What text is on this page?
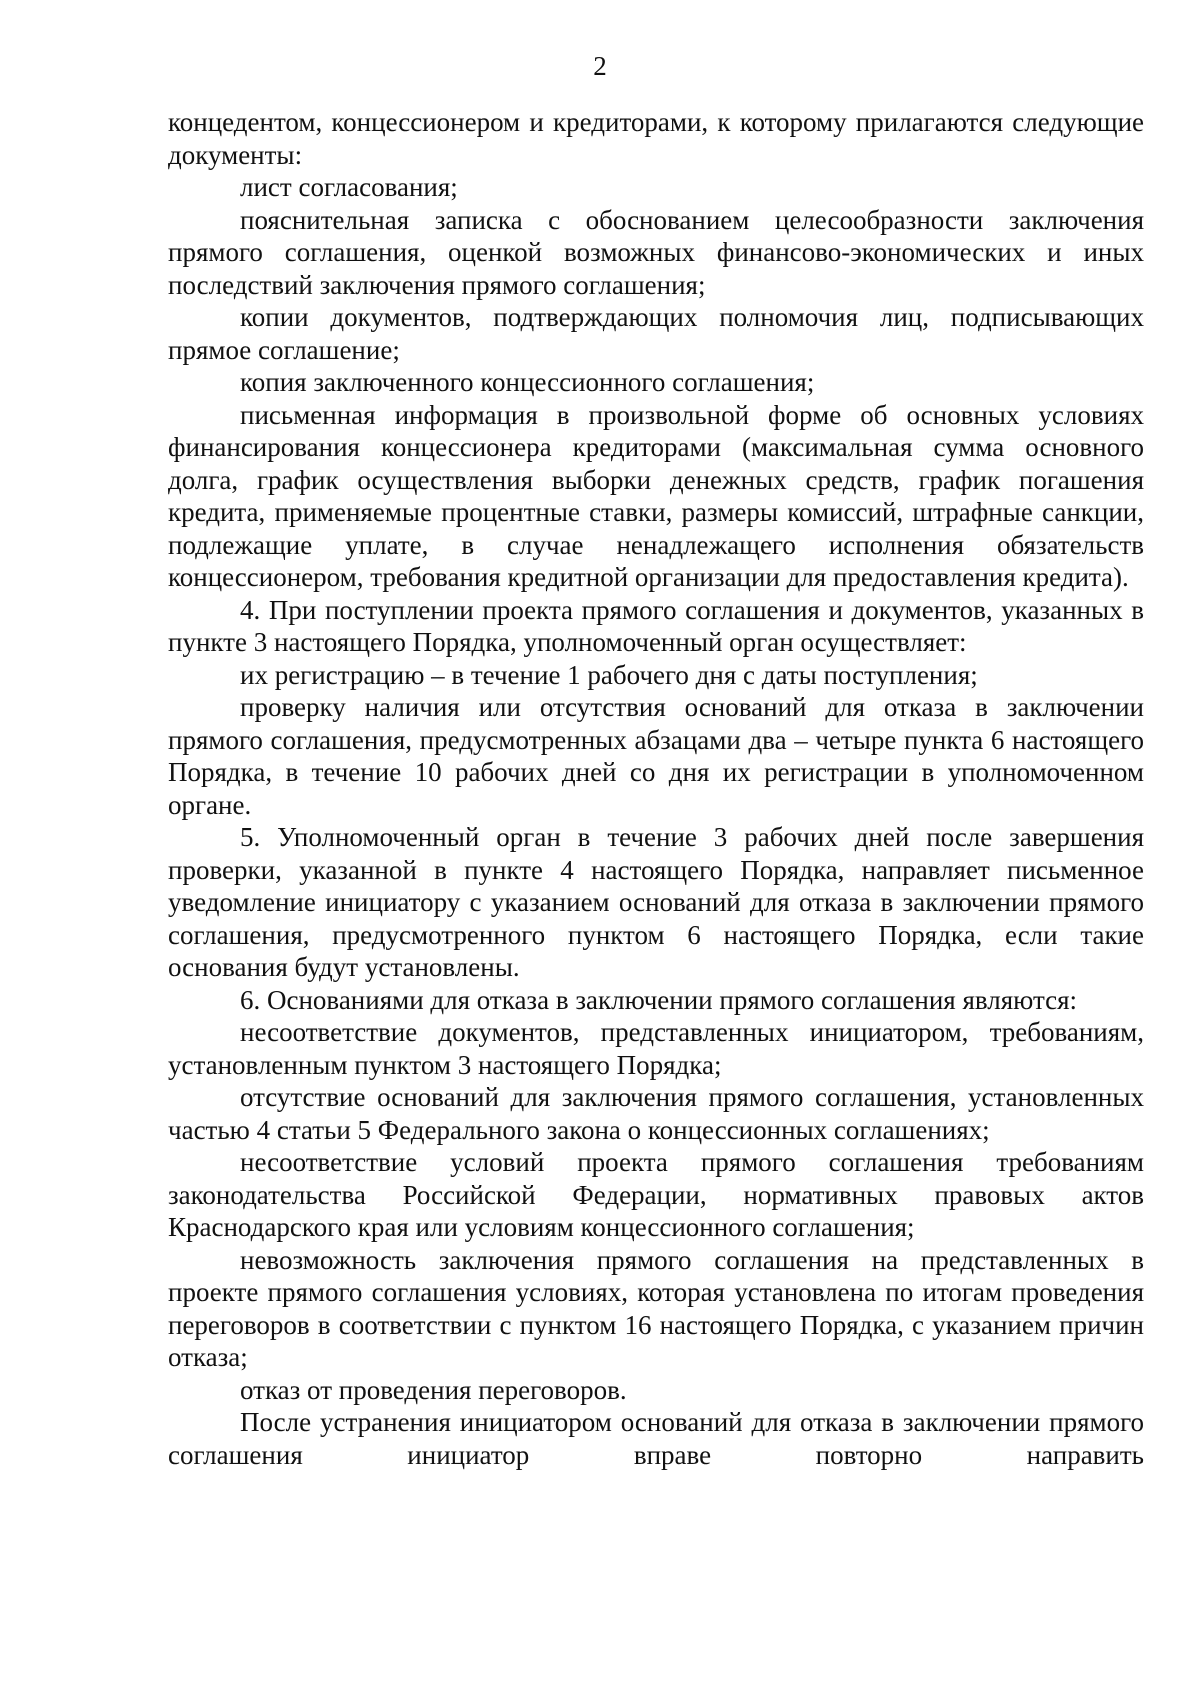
2

концедентом, концессионером и кредиторами, к которому прилагаются следующие документы:

лист согласования;

пояснительная записка с обоснованием целесообразности заключения прямого соглашения, оценкой возможных финансово-экономических и иных последствий заключения прямого соглашения;

копии документов, подтверждающих полномочия лиц, подписывающих прямое соглашение;

копия заключенного концессионного соглашения;

письменная информация в произвольной форме об основных условиях финансирования концессионера кредиторами (максимальная сумма основного долга, график осуществления выборки денежных средств, график погашения кредита, применяемые процентные ставки, размеры комиссий, штрафные санкции, подлежащие уплате, в случае ненадлежащего исполнения обязательств концессионером, требования кредитной организации для предоставления кредита).

4. При поступлении проекта прямого соглашения и документов, указанных в пункте 3 настоящего Порядка, уполномоченный орган осуществляет:

их регистрацию – в течение 1 рабочего дня с даты поступления;

проверку наличия или отсутствия оснований для отказа в заключении прямого соглашения, предусмотренных абзацами два – четыре пункта 6 настоящего Порядка, в течение 10 рабочих дней со дня их регистрации в уполномоченном органе.

5. Уполномоченный орган в течение 3 рабочих дней после завершения проверки, указанной в пункте 4 настоящего Порядка, направляет письменное уведомление инициатору с указанием оснований для отказа в заключении прямого соглашения, предусмотренного пунктом 6 настоящего Порядка, если такие основания будут установлены.

6. Основаниями для отказа в заключении прямого соглашения являются:

несоответствие документов, представленных инициатором, требованиям, установленным пунктом 3 настоящего Порядка;

отсутствие оснований для заключения прямого соглашения, установленных частью 4 статьи 5 Федерального закона о концессионных соглашениях;

несоответствие условий проекта прямого соглашения требованиям законодательства Российской Федерации, нормативных правовых актов Краснодарского края или условиям концессионного соглашения;

невозможность заключения прямого соглашения на представленных в проекте прямого соглашения условиях, которая установлена по итогам проведения переговоров в соответствии с пунктом 16 настоящего Порядка, с указанием причин отказа;

отказ от проведения переговоров.

После устранения инициатором оснований для отказа в заключении прямого соглашения инициатор вправе повторно направить
